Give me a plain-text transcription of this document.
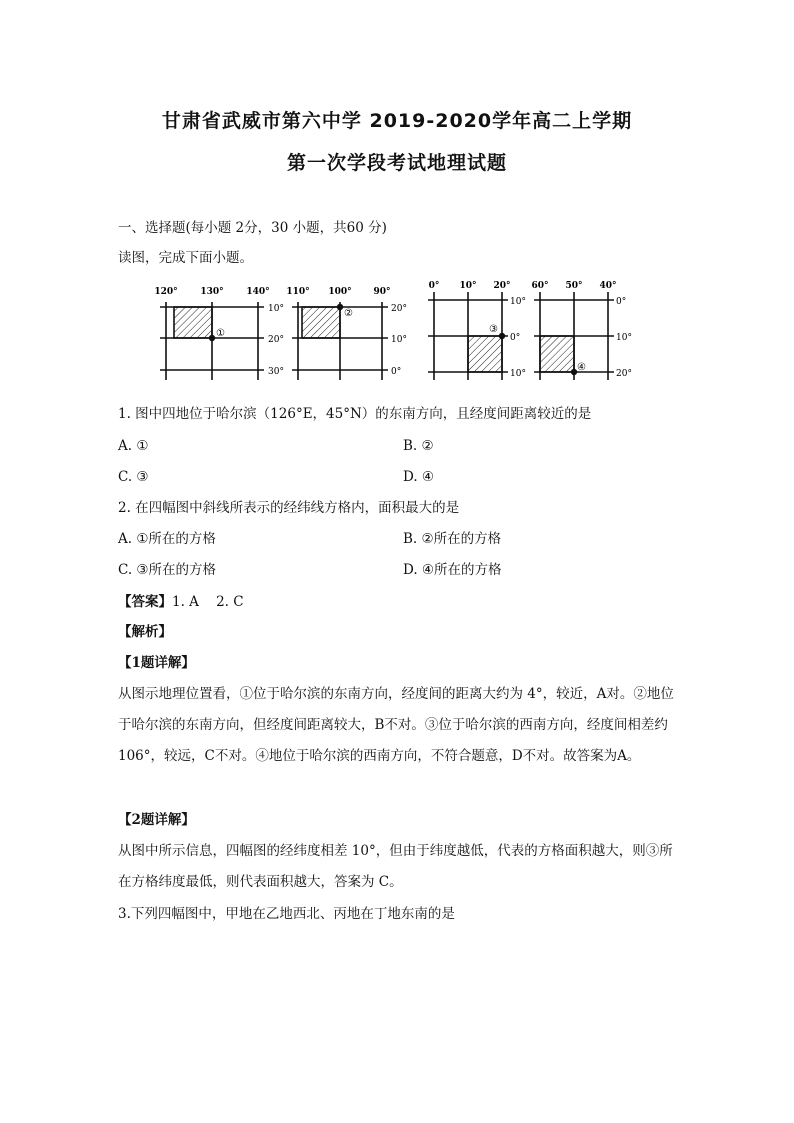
甘肃省武威市第六中学 2019-2020学年高二上学期
第一次学段考试地理试题
一、选择题(每小题 2分，30 小题，共60 分)
读图，完成下面小题。
120°	130°	140°
10°
20°
30°
①
110° 100° 90°
20°
10°
0°
②
0° 10° 20°
10°
0°
10°
③
60° 50° 40°
0°
10°
20°
④
1. 图中四地位于哈尔滨（126°E，45°N）的东南方向，且经度间距离较近的是
A. ①	B. ②
C. ③	D. ④
2. 在四幅图中斜线所表示的经纬线方格内，面积最大的是
A. ①所在的方格	B. ②所在的方格
C. ③所在的方格	D. ④所在的方格
【答案】1. A    2. C
【解析】
【1题详解】
从图示地理位置看，①位于哈尔滨的东南方向，经度间的距离大约为 4°，较近，A对。②地位于哈尔滨的东南方向，但经度间距离较大，B不对。③位于哈尔滨的西南方向，经度间相差约 106°，较远，C不对。④地位于哈尔滨的西南方向，不符合题意，D不对。故答案为A。
【2题详解】
从图中所示信息，四幅图的经纬度相差 10°，但由于纬度越低，代表的方格面积越大，则③所在方格纬度最低，则代表面积越大，答案为 C。
3.下列四幅图中，甲地在乙地西北、丙地在丁地东南的是
